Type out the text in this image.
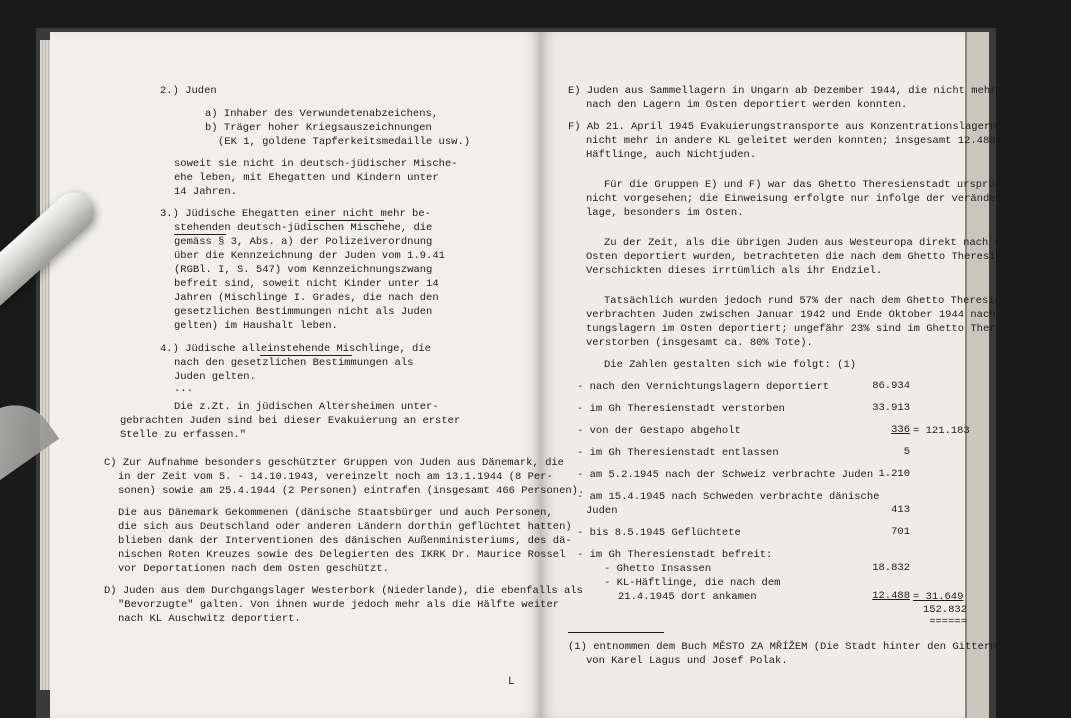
2.) Juden
a) Inhaber des Verwundetenabzeichens,
b) Träger hoher Kriegsauszeichnungen
(EK 1, goldene Tapferkeitsmedaille usw.)
soweit sie nicht in deutsch-jüdischer Mische-
ehe leben, mit Ehegatten und Kindern unter
14 Jahren.
3.) Jüdische Ehegatten einer nicht mehr be-
stehenden deutsch-jüdischen Mischehe, die
gemäss § 3, Abs. a) der Polizeiverordnung
über die Kennzeichnung der Juden vom 1.9.41
(RGBl. I, S. 547) vom Kennzeichnungszwang
befreit sind, soweit nicht Kinder unter 14
Jahren (Mischlinge I. Grades, die nach den
gesetzlichen Bestimmungen nicht als Juden
gelten) im Haushalt leben.
4.) Jüdische alleinstehende Mischlinge, die
nach den gesetzlichen Bestimmungen als
Juden gelten.
...
Die z.Zt. in jüdischen Altersheimen unter-
gebrachten Juden sind bei dieser Evakuierung an erster
Stelle zu erfassen."
C) Zur Aufnahme besonders geschützter Gruppen von Juden aus Dänemark, die
in der Zeit vom 5. - 14.10.1943, vereinzelt noch am 13.1.1944 (8 Per-
sonen) sowie am 25.4.1944 (2 Personen) eintrafen (insgesamt 466 Personen).
Die aus Dänemark Gekommenen (dänische Staatsbürger und auch Personen,
die sich aus Deutschland oder anderen Ländern dorthin geflüchtet hatten)
blieben dank der Interventionen des dänischen Außenministeriums, des dä-
nischen Roten Kreuzes sowie des Delegierten des IKRK Dr. Maurice Rossel
vor Deportationen nach dem Osten geschützt.
D) Juden aus dem Durchgangslager Westerbork (Niederlande), die ebenfalls als
"Bevorzugte" galten. Von ihnen wurde jedoch mehr als die Hälfte weiter
nach KL Auschwitz deportiert.
E) Juden aus Sammellagern in Ungarn ab Dezember 1944, die nicht mehr
nach den Lagern im Osten deportiert werden konnten.
F) Ab 21. April 1945 Evakuierungstransporte aus Konzentrationslagern, die
nicht mehr in andere KL geleitet werden konnten; insgesamt 12.488
Häftlinge, auch Nichtjuden.
Für die Gruppen E) und F) war das Ghetto Theresienstadt ursprünglich
nicht vorgesehen; die Einweisung erfolgte nur infolge der veränderten Kriegs-
lage, besonders im Osten.
Zu der Zeit, als die übrigen Juden aus Westeuropa direkt nach dem
Osten deportiert wurden, betrachteten die nach dem Ghetto Theresienstadt
Verschickten dieses irrtümlich als ihr Endziel.
Tatsächlich wurden jedoch rund 57% der nach dem Ghetto Theresienstadt
verbrachten Juden zwischen Januar 1942 und Ende Oktober 1944 nach Vernich-
tungslagern im Osten deportiert; ungefähr 23% sind im Ghetto Theresienstadt
verstorben (insgesamt ca. 80% Tote).
Die Zahlen gestalten sich wie folgt: (1)
- nach den Vernichtungslagern deportiert	86.934
- im Gh Theresienstadt verstorben	33.913
- von der Gestapo abgeholt	336 = 121.183
- im Gh Theresienstadt entlassen	5
- am 5.2.1945 nach der Schweiz verbrachte Juden 1.210
- am 15.4.1945 nach Schweden verbrachte dänische
Juden	413
- bis 8.5.1945 Geflüchtete	701
- im Gh Theresienstadt befreit:
- Ghetto Insassen	18.832
- KL-Häftlinge, die nach dem
21.4.1945 dort ankamen	12.488 = 31.649
152.832
======
(1) entnommen dem Buch MĚSTO ZA MŘÍŽEM (Die Stadt hinter den Gittern)
von Karel Lagus und Josef Polak.
L
